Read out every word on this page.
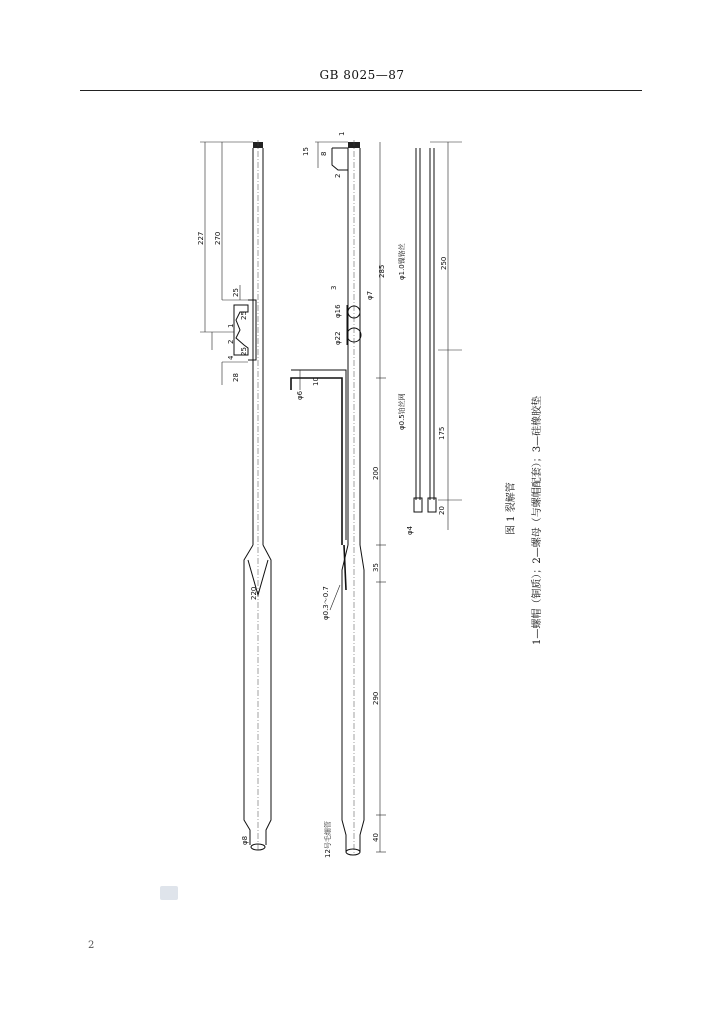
GB 8025—87
227 270
25
25
25
4
1
2
28
220
φ8
15 8
2
1
3
φ16
φ7
φ22
285
10
φ6
200
35
φ0.3～0.7
290
40
12号毛细管
φ1.0镍铬丝	250
φ0.5铂丝网
175
20
φ4	图 1 裂解管 1—螺帽（铜质）；2—螺母（与螺帽配套）；3—硅橡胶垫
2
